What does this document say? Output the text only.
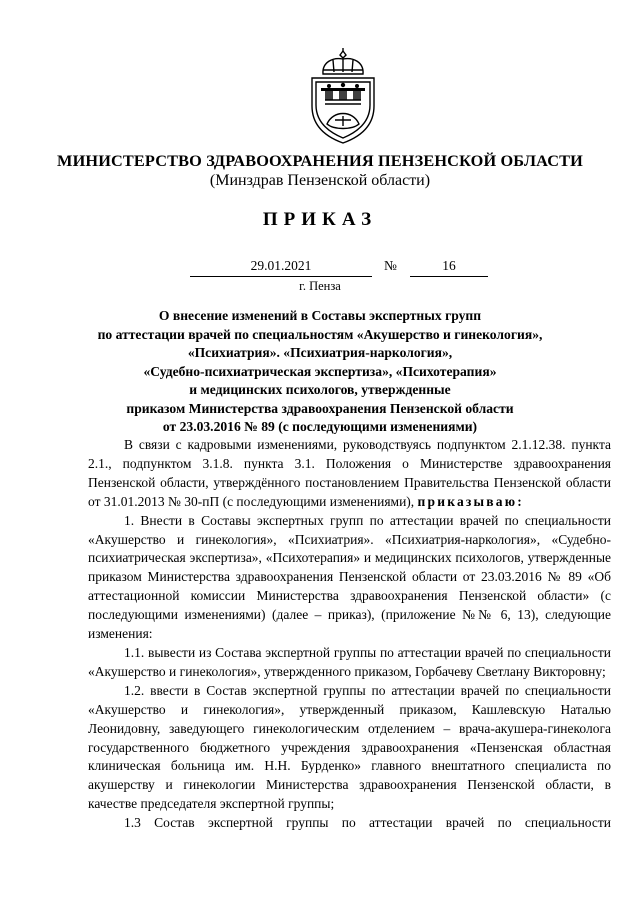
МИНИСТЕРСТВО ЗДРАВООХРАНЕНИЯ ПЕНЗЕНСКОЙ ОБЛАСТИ
(Минздрав Пензенской области)
ПРИКАЗ
29.01.2021	№	16
г. Пенза
О внесение изменений в Составы экспертных групп
по аттестации врачей по специальностям «Акушерство и гинекология»,
«Психиатрия». «Психиатрия-наркология»,
«Судебно-психиатрическая экспертиза», «Психотерапия»
и медицинских психологов, утвержденные
приказом Министерства здравоохранения Пензенской области
от 23.03.2016 № 89 (с последующими изменениями)

В связи с кадровыми изменениями, руководствуясь подпунктом 2.1.12.38. пункта 2.1., подпунктом 3.1.8. пункта 3.1. Положения о Министерстве здравоохранения Пензенской области, утверждённого постановлением Правительства Пензенской области от 31.01.2013 № 30-пП (с последующими изменениями), приказываю:

1. Внести в Составы экспертных групп по аттестации врачей по специальности «Акушерство и гинекология», «Психиатрия». «Психиатрия-наркология», «Судебно-психиатрическая экспертиза», «Психотерапия» и медицинских психологов, утвержденные приказом Министерства здравоохранения Пензенской области от 23.03.2016 № 89 «Об аттестационной комиссии Министерства здравоохранения Пензенской области» (с последующими изменениями) (далее – приказ), (приложение №№ 6, 13), следующие изменения:

1.1. вывести из Состава экспертной группы по аттестации врачей по специальности «Акушерство и гинекология», утвержденного приказом, Горбачеву Светлану Викторовну;

1.2. ввести в Состав экспертной группы по аттестации врачей по специальности «Акушерство и гинекология», утвержденный приказом, Кашлевскую Наталью Леонидовну, заведующего гинекологическим отделением – врача-акушера-гинеколога государственного бюджетного учреждения здравоохранения «Пензенская областная клиническая больница им. Н.Н. Бурденко» главного внештатного специалиста по акушерству и гинекологии Министерства здравоохранения Пензенской области, в качестве председателя экспертной группы;

1.3 Состав экспертной группы по аттестации врачей по специальности
